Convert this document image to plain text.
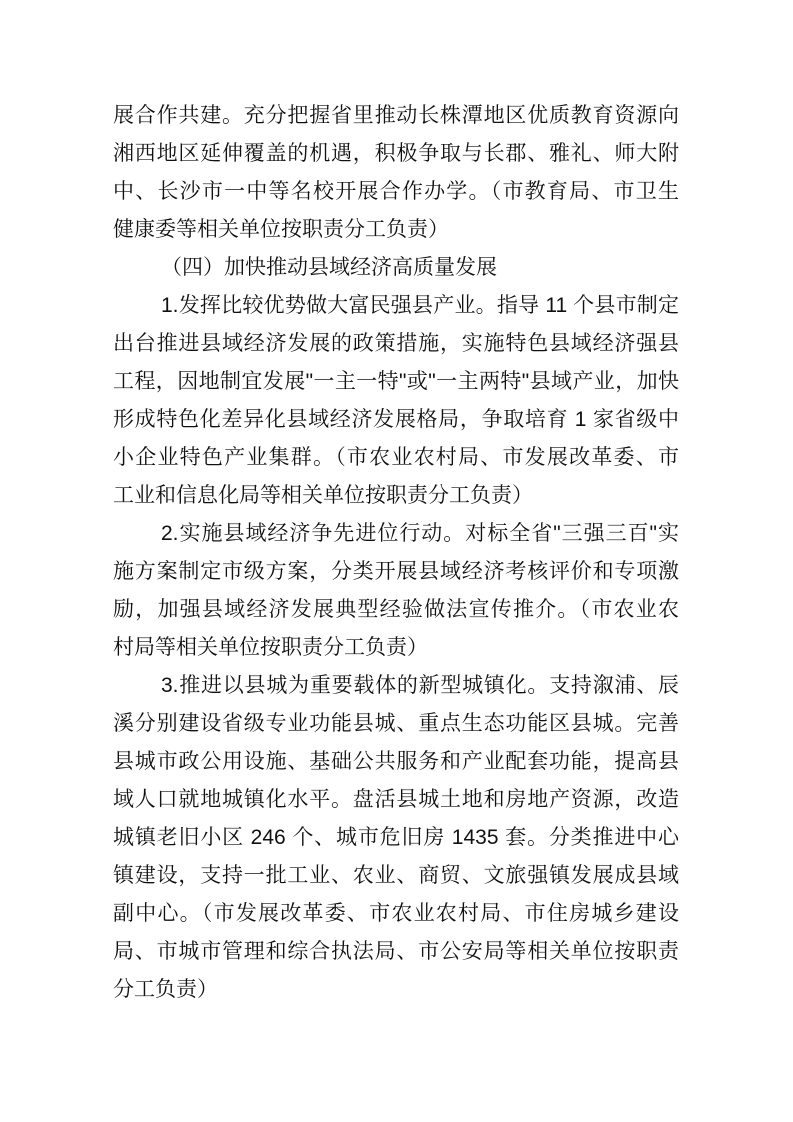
展合作共建。充分把握省里推动长株潭地区优质教育资源向
湘西地区延伸覆盖的机遇，积极争取与长郡、雅礼、师大附
中、长沙市一中等名校开展合作办学。（市教育局、市卫生
健康委等相关单位按职责分工负责）
（四）加快推动县域经济高质量发展
1.发挥比较优势做大富民强县产业。指导 11 个县市制定
出台推进县域经济发展的政策措施，实施特色县域经济强县
工程，因地制宜发展"一主一特"或"一主两特"县域产业，加快
形成特色化差异化县域经济发展格局，争取培育 1 家省级中
小企业特色产业集群。（市农业农村局、市发展改革委、市
工业和信息化局等相关单位按职责分工负责）
2.实施县域经济争先进位行动。对标全省"三强三百"实
施方案制定市级方案，分类开展县域经济考核评价和专项激
励，加强县域经济发展典型经验做法宣传推介。（市农业农
村局等相关单位按职责分工负责）
3.推进以县城为重要载体的新型城镇化。支持溆浦、辰
溪分别建设省级专业功能县城、重点生态功能区县城。完善
县城市政公用设施、基础公共服务和产业配套功能，提高县
域人口就地城镇化水平。盘活县城土地和房地产资源，改造
城镇老旧小区 246 个、城市危旧房 1435 套。分类推进中心
镇建设，支持一批工业、农业、商贸、文旅强镇发展成县域
副中心。（市发展改革委、市农业农村局、市住房城乡建设
局、市城市管理和综合执法局、市公安局等相关单位按职责
分工负责）
